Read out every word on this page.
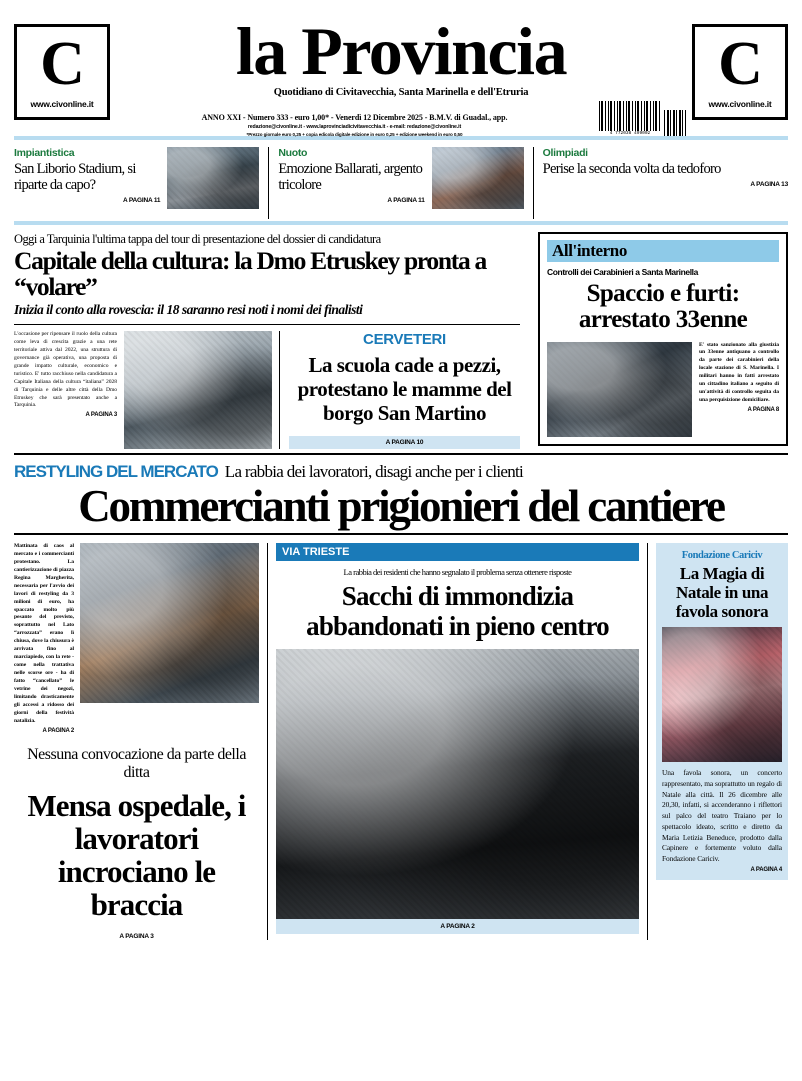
C
www.civonline.it
la Provincia
Quotidiano di Civitavecchia, Santa Marinella e dell'Etruria
ANNO XXI - Numero 333 - euro 1,00* - Venerdì 12 Dicembre 2025 - B.M.V. di Guadal., app.
redazione@civonline.it - www.laprovinciadicivitavecchia.it - e-mail: redazione@civonline.it
*Prezzo giornale euro 0,25 + copia edicola digitale edizione in euro 0,25 + edizione weekend in euro 0,50	4 772038 499002
C
www.civonline.it
Impiantistica
San Liborio Stadium, si riparte da capo?
A PAGINA 11
Nuoto
Emozione Ballarati, argento tricolore
A PAGINA 11
Olimpiadi
Perise la seconda volta da tedoforo
A PAGINA 13
Oggi a Tarquinia l'ultima tappa del tour di presentazione del dossier di candidatura
Capitale della cultura: la Dmo Etruskey pronta a “volare”
Inizia il conto alla rovescia: il 18 saranno resi noti i nomi dei finalisti
L'occasione per ripensare il ruolo della cultura come leva di crescita grazie a una rete territoriale attiva dal 2022, una struttura di governance già operativa, una proposta di grande impatto culturale, economico e turistico. E' tutto racchiuso nella candidatura a Capitale Italiana della cultura “italiana” 2028 di Tarquinia e delle altre città della Dmo Etruskey che sarà presentato anche a Tarquinia.
A PAGINA 3
CERVETERI
La scuola cade a pezzi, protestano le mamme del borgo San Martino
A PAGINA 10
All'interno
Controlli dei Carabinieri a Santa Marinella
Spaccio e furti: arrestato 33enne
E' stato sanzionato alla giustizia un 33enne antiquano a controllo da parte dei carabinieri della locale stazione di S. Marinella. I militari hanno in fatti arrestato un cittadino italiano a seguito di un'attività di controllo seguita da una perquisizione domiciliare.
A PAGINA 8
RESTYLING DEL MERCATO La rabbia dei lavoratori, disagi anche per i clienti
Commercianti prigionieri del cantiere
Mattinata di caos al mercato e i commercianti protestano. La cantierizzazione di piazza Regina Margherita, necessaria per l'avvio dei lavori di restyling da 3 milioni di euro, ha spaccato molto più pesante del previsto, soprattutto nel Lato “arrozzata” erano lì chiusa, dove la chiusura è arrivata fino al marciapiede, con la rete - come nella trattativa nelle scorse ore - ha di fatto “cancellato” le vetrine dei negozi, limitando drasticamente gli accessi a ridosso dei giorni della festività natalizia.
A PAGINA 2
Nessuna convocazione da parte della ditta
Mensa ospedale, i lavoratori incrociano le braccia
A PAGINA 3
VIA TRIESTE
La rabbia dei residenti che hanno segnalato il problema senza ottenere risposte
Sacchi di immondizia abbandonati in pieno centro
A PAGINA 2
Fondazione Cariciv
La Magia di Natale in una favola sonora
Una favola sonora, un concerto rappresentato, ma soprattutto un regalo di Natale alla città. Il 26 dicembre alle 20,30, infatti, si accenderanno i riflettori sul palco del teatro Traiano per lo spettacolo ideato, scritto e diretto da Maria Letizia Beneduce, prodotto dalla Capinere e fortemente voluto dalla Fondazione Cariciv.
A PAGINA 4
